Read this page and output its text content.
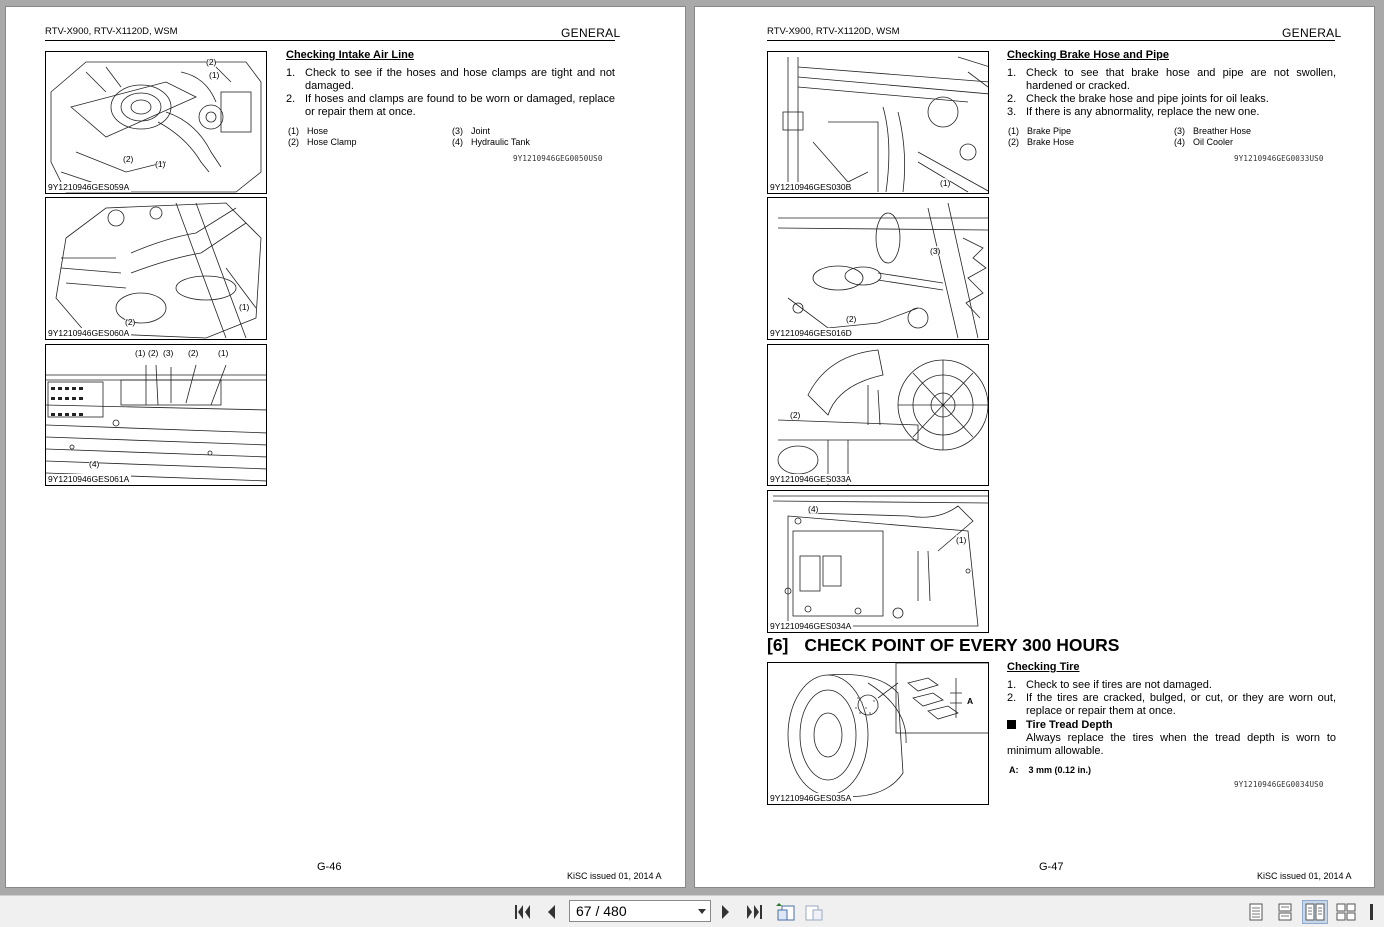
RTV-X900, RTV-X1120D, WSM	GENERAL
(2)
(1)
(2)	(1)
9Y1210946GES059A
(1)
(2)
9Y1210946GES060A
(1) (2) (3) (2) (1)
(4)
9Y1210946GES061A
Checking Intake Air Line
1. Check to see if the hoses and hose clamps are tight and not damaged.
2. If hoses and clamps are found to be worn or damaged, replace or repair them at once.
(1) Hose
(2) Hose Clamp
(3) Joint
(4) Hydraulic Tank
9Y1210946GEG0050US0
G-46
KiSC issued 01, 2014 A
RTV-X900, RTV-X1120D, WSM	GENERAL
(1)
9Y1210946GES030B
(3)
(2)
9Y1210946GES016D
(2)
9Y1210946GES033A
(4)
(1)
9Y1210946GES034A
Checking Brake Hose and Pipe
1. Check to see that brake hose and pipe are not swollen, hardened or cracked.
2. Check the brake hose and pipe joints for oil leaks.
3. If there is any abnormality, replace the new one.
(1) Brake Pipe
(2) Brake Hose
(3) Breather Hose
(4) Oil Cooler
9Y1210946GEG0033US0
[6] CHECK POINT OF EVERY 300 HOURS
A
9Y1210946GES035A
Checking Tire
1. Check to see if tires are not damaged.
2. If the tires are cracked, bulged, or cut, or they are worn out, replace or repair them at once.
Tire Tread Depth
Always replace the tires when the tread depth is worn to minimum allowable.
A:    3 mm (0.12 in.)
9Y1210946GEG0034US0
G-47
KiSC issued 01, 2014 A
67 / 480
